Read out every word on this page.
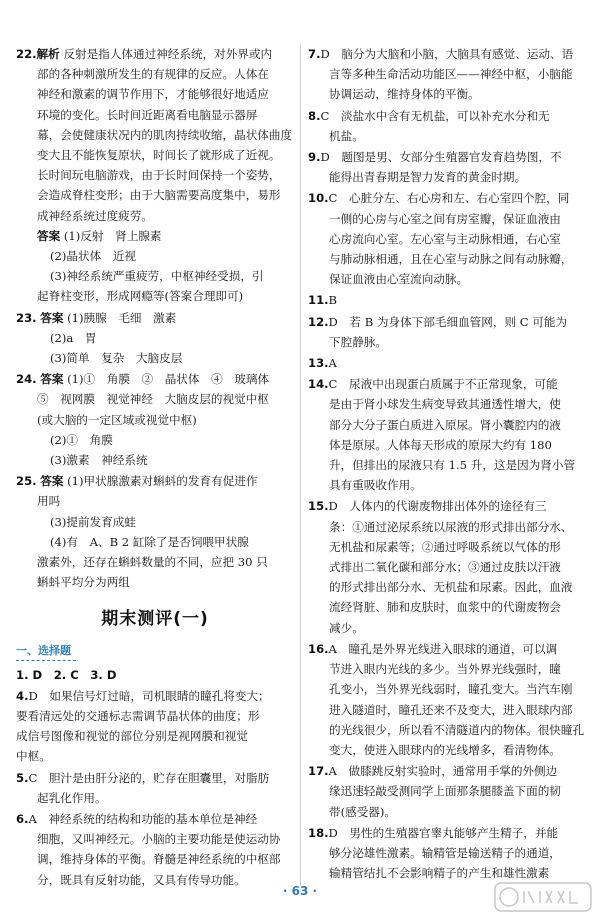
22.解析 反射是指人体通过神经系统，对外界或内
部的各种刺激所发生的有规律的反应。人体在
神经和激素的调节作用下，才能够很好地适应
环境的变化。长时间近距离看电脑显示器屏
幕，会使健康状况内的肌肉持续收缩，晶状体曲度
变大且不能恢复原状，时间长了就形成了近视。
长时间玩电脑游戏，由于长时间保持一个姿势，
会造成脊柱变形；由于大脑需要高度集中，易形
成神经系统过度疲劳。
答案 (1)反射　肾上腺素
(2)晶状体　近视
(3)神经系统严重疲劳，中枢神经受损，引
起脊柱变形，形成网瘾等(答案合理即可)
23. 答案 (1)胰腺　毛细　激素
(2)a　胃
(3)简单　复杂　大脑皮层
24. 答案 (1)①　角膜　②　晶状体　④　玻璃体
⑤　视网膜　视觉神经　大脑皮层的视觉中枢
(或大脑的一定区域或视觉中枢)
(2)①　角膜
(3)激素　神经系统
25. 答案 (1)甲状腺激素对蝌蚪的发育有促进作
用吗
(3)提前发育成蛙
(4)有　A、B 2 缸除了是否饲喂甲状腺
激素外，还存在蝌蚪数量的不同，应把 30 只
蝌蚪平均分为两组
期末测评(一)
一、选择题
1. D　2. C　3. D
4.D　如果信号灯过暗，司机眼睛的瞳孔将变大；
要看清远处的交通标志需调节晶状体的曲度；形
成信号图像和视觉的部位分别是视网膜和视觉
中枢。
5.C　胆汁是由肝分泌的，贮存在胆囊里，对脂肪
起乳化作用。
6.A　神经系统的结构和功能的基本单位是神经
细胞，又叫神经元。小脑的主要功能是使运动协
调，维持身体的平衡。脊髓是神经系统的中枢部
分，既具有反射功能，又具有传导功能。
7.D　脑分为大脑和小脑，大脑具有感觉、运动、语
言等多种生命活动功能区——神经中枢，小脑能
协调运动，维持身体的平衡。
8.C　淡盐水中含有无机盐，可以补充水分和无
机盐。
9.D　题图是男、女部分生殖器官发育趋势图，不
能得出青春期是智力发育的黄金时期。
10.C　心脏分左、右心房和左、右心室四个腔，同
一侧的心房与心室之间有房室瓣，保证血液由
心房流向心室。左心室与主动脉相通，右心室
与肺动脉相通，且在心室与动脉之间有动脉瓣，
保证血液由心室流向动脉。
11.B
12.D　若 B 为身体下部毛细血管网，则 C 可能为
下腔静脉。
13.A
14.C　尿液中出现蛋白质属于不正常现象，可能
是由于肾小球发生病变导致其通透性增大，使
部分大分子蛋白质进入原尿。肾小囊腔内的液
体是原尿。人体每天形成的原尿大约有 180
升，但排出的尿液只有 1.5 升，这是因为肾小管
具有重吸收作用。
15.D　人体内的代谢废物排出体外的途径有三
条：①通过泌尿系统以尿液的形式排出部分水、
无机盐和尿素等；②通过呼吸系统以气体的形
式排出二氧化碳和部分水；③通过皮肤以汗液
的形式排出部分水、无机盐和尿素。因此，血液
流经肾脏、肺和皮肤时，血浆中的代谢废物会
减少。
16.A　瞳孔是外界光线进入眼球的通道，可以调
节进入眼内光线的多少。当外界光线强时，瞳
孔变小，当外界光线弱时，瞳孔变大。当汽车刚
进入隧道时，瞳孔还来不及变大，进入眼球内部
的光线很少，所以看不清隧道内的物体。很快瞳孔
变大，使进入眼球内的光线增多，看清物体。
17.A　做膝跳反射实验时，通常用手掌的外侧边
缘迅速轻敲受测同学上面那条腿膝盖下面的韧
带(感受器)。
18.D　男性的生殖器官睾丸能够产生精子，并能
够分泌雄性激素。输精管是输送精子的通道，
输精管结扎不会影响精子的产生和雄性激素
· 63 ·
